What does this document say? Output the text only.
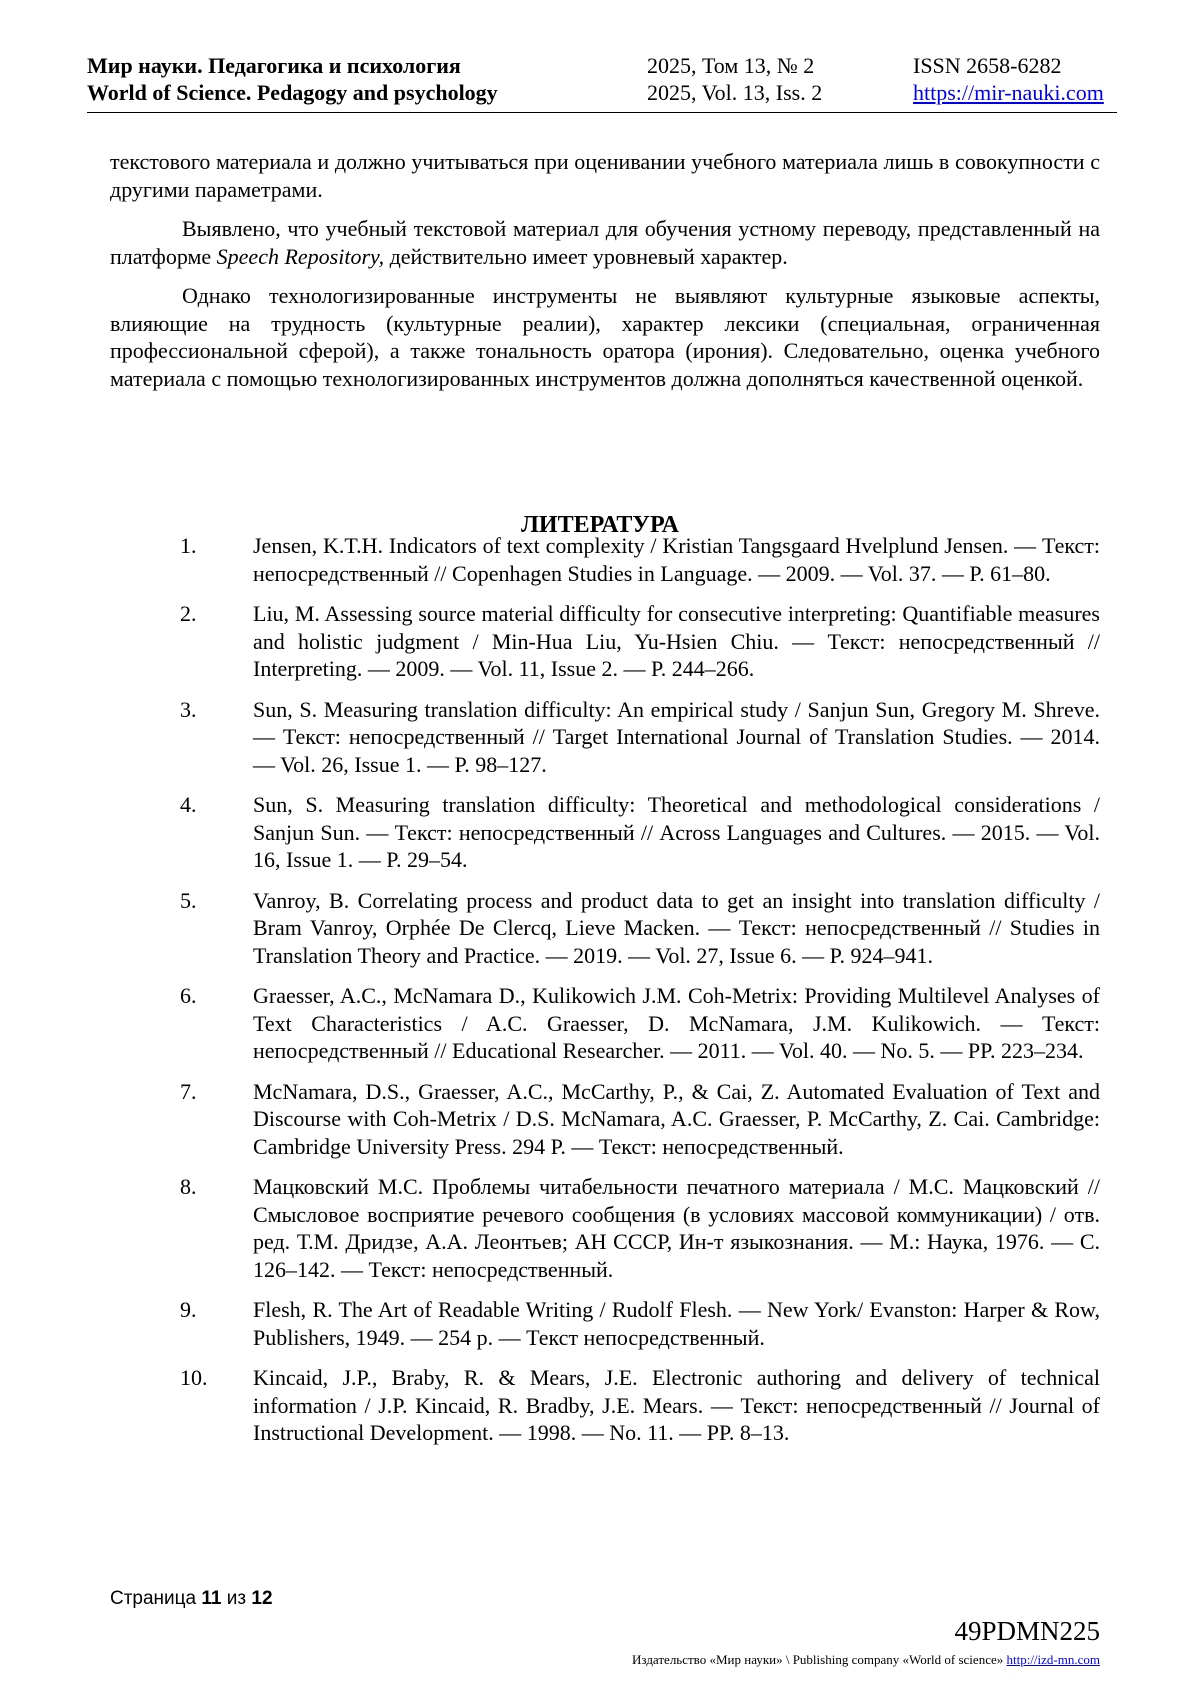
Мир науки. Педагогика и психология
World of Science. Pedagogy and psychology
2025, Том 13, № 2
2025, Vol. 13, Iss. 2
ISSN 2658-6282
https://mir-nauki.com

текстового материала и должно учитываться при оценивании учебного материала лишь в совокупности с другими параметрами.

Выявлено, что учебный текстовой материал для обучения устному переводу, представленный на платформе Speech Repository, действительно имеет уровневый характер.

Однако технологизированные инструменты не выявляют культурные языковые аспекты, влияющие на трудность (культурные реалии), характер лексики (специальная, ограниченная профессиональной сферой), а также тональность оратора (ирония). Следовательно, оценка учебного материала с помощью технологизированных инструментов должна дополняться качественной оценкой.

ЛИТЕРАТУРА
1.	Jensen, K.T.H. Indicators of text complexity / Kristian Tangsgaard Hvelplund Jensen. — Текст: непосредственный // Copenhagen Studies in Language. — 2009. — Vol. 37. — P. 61–80.
2.	Liu, M. Assessing source material difficulty for consecutive interpreting: Quantifiable measures and holistic judgment / Min-Hua Liu, Yu-Hsien Chiu. — Текст: непосредственный // Interpreting. — 2009. — Vol. 11, Issue 2. — P. 244–266.
3.	Sun, S. Measuring translation difficulty: An empirical study / Sanjun Sun, Gregory M. Shreve. — Текст: непосредственный // Target International Journal of Translation Studies. — 2014. — Vol. 26, Issue 1. — P. 98–127.
4.	Sun, S. Measuring translation difficulty: Theoretical and methodological considerations / Sanjun Sun. — Текст: непосредственный // Across Languages and Cultures. — 2015. — Vol. 16, Issue 1. — P. 29–54.
5.	Vanroy, B. Correlating process and product data to get an insight into translation difficulty / Bram Vanroy, Orphée De Clercq, Lieve Macken. — Текст: непосредственный // Studies in Translation Theory and Practice. — 2019. — Vol. 27, Issue 6. — P. 924–941.
6.	Graesser, A.C., McNamara D., Kulikowich J.M. Coh-Metrix: Providing Multilevel Analyses of Text Characteristics / A.C. Graesser, D. McNamara, J.M. Kulikowich. — Текст: непосредственный // Educational Researcher. — 2011. — Vol. 40. — No. 5. — PP. 223–234.
7.	McNamara, D.S., Graesser, A.C., McCarthy, P., & Cai, Z. Automated Evaluation of Text and Discourse with Coh-Metrix / D.S. McNamara, A.C. Graesser, P. McCarthy, Z. Cai. Cambridge: Cambridge University Press. 294 P. — Текст: непосредственный.
8.	Мацковский М.С. Проблемы читабельности печатного материала / М.С. Мацковский // Смысловое восприятие речевого сообщения (в условиях массовой коммуникации) / отв. ред. Т.М. Дридзе, А.А. Леонтьев; АН СССР, Ин-т языкознания. — М.: Наука, 1976. — С. 126–142. — Текст: непосредственный.
9.	Flesh, R. The Art of Readable Writing / Rudolf Flesh. — New York/ Evanston: Harper & Row, Publishers, 1949. — 254 p. — Текст непосредственный.
10. Kincaid, J.P., Braby, R. & Mears, J.E. Electronic authoring and delivery of technical information / J.P. Kincaid, R. Bradby, J.E. Mears. — Текст: непосредственный // Journal of Instructional Development. — 1998. — No. 11. — PP. 8–13.
Страница 11 из 12
49PDMN225
Издательство «Мир науки» \ Publishing company «World of science» http://izd-mn.com
